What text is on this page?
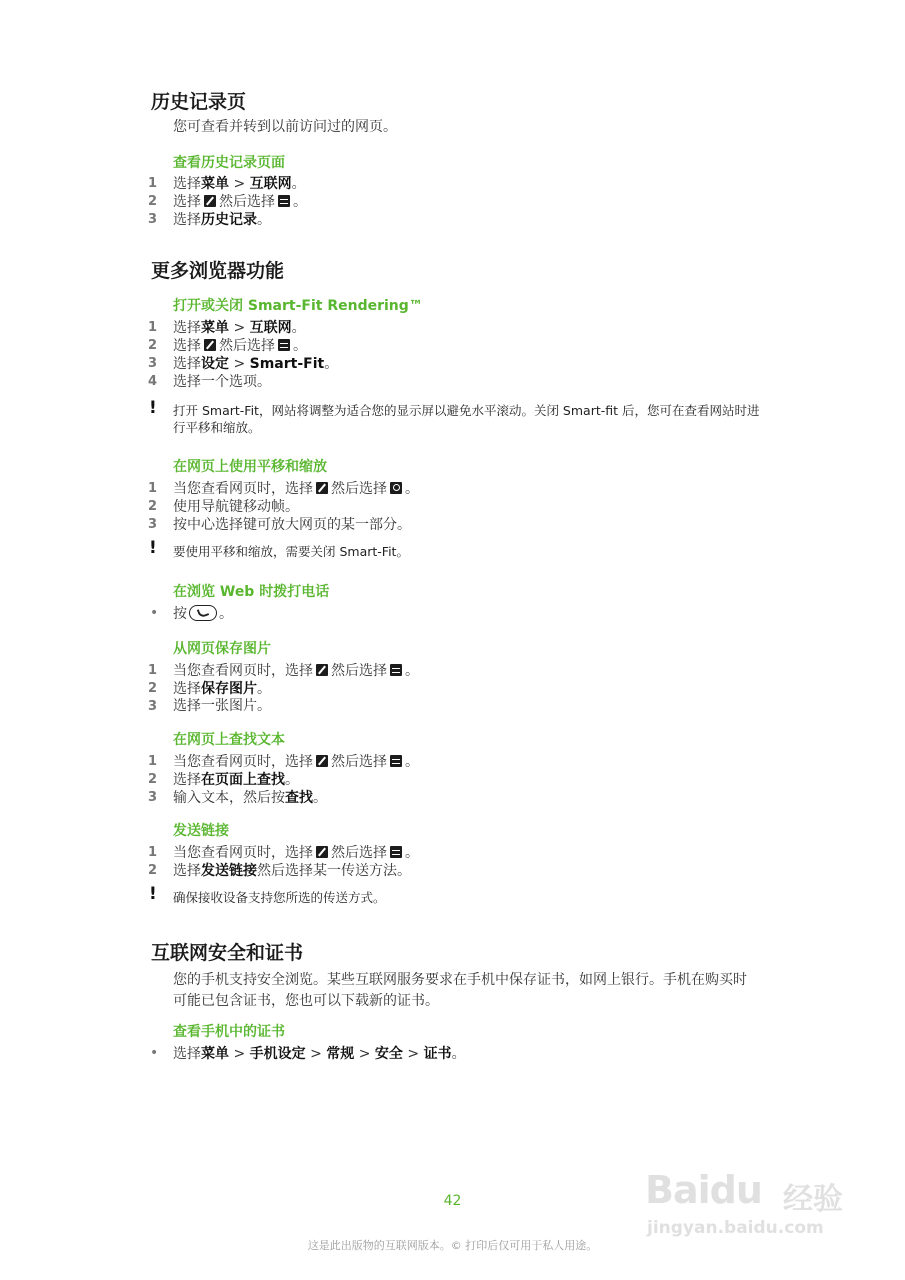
历史记录页
您可查看并转到以前访问过的网页。
查看历史记录页面
1 选择菜单 > 互联网。
2 选择 然后选择 。
3 选择历史记录。
更多浏览器功能
打开或关闭 Smart-Fit Rendering™
1 选择菜单 > 互联网。
2 选择 然后选择 。
3 选择设定 > Smart-Fit。
4 选择一个选项。
! 打开 Smart-Fit，网站将调整为适合您的显示屏以避免水平滚动。关闭 Smart-fit 后，您可在查看网站时进行平移和缩放。
在网页上使用平移和缩放
1 当您查看网页时，选择 然后选择 。
2 使用导航键移动帧。
3 按中心选择键可放大网页的某一部分。
! 要使用平移和缩放，需要关闭 Smart-Fit。
在浏览 Web 时拨打电话
• 按 。
从网页保存图片
1 当您查看网页时，选择 然后选择 。
2 选择保存图片。
3 选择一张图片。
在网页上查找文本
1 当您查看网页时，选择 然后选择 。
2 选择在页面上查找。
3 输入文本，然后按查找。
发送链接
1 当您查看网页时，选择 然后选择 。
2 选择发送链接然后选择某一传送方法。
! 确保接收设备支持您所选的传送方式。
互联网安全和证书
您的手机支持安全浏览。某些互联网服务要求在手机中保存证书，如网上银行。手机在购买时可能已包含证书，您也可以下载新的证书。
查看手机中的证书
• 选择菜单 > 手机设定 > 常规 > 安全 > 证书。
Baidu 经验
jingyan.baidu.com
42
这是此出版物的互联网版本。© 打印后仅可用于私人用途。
